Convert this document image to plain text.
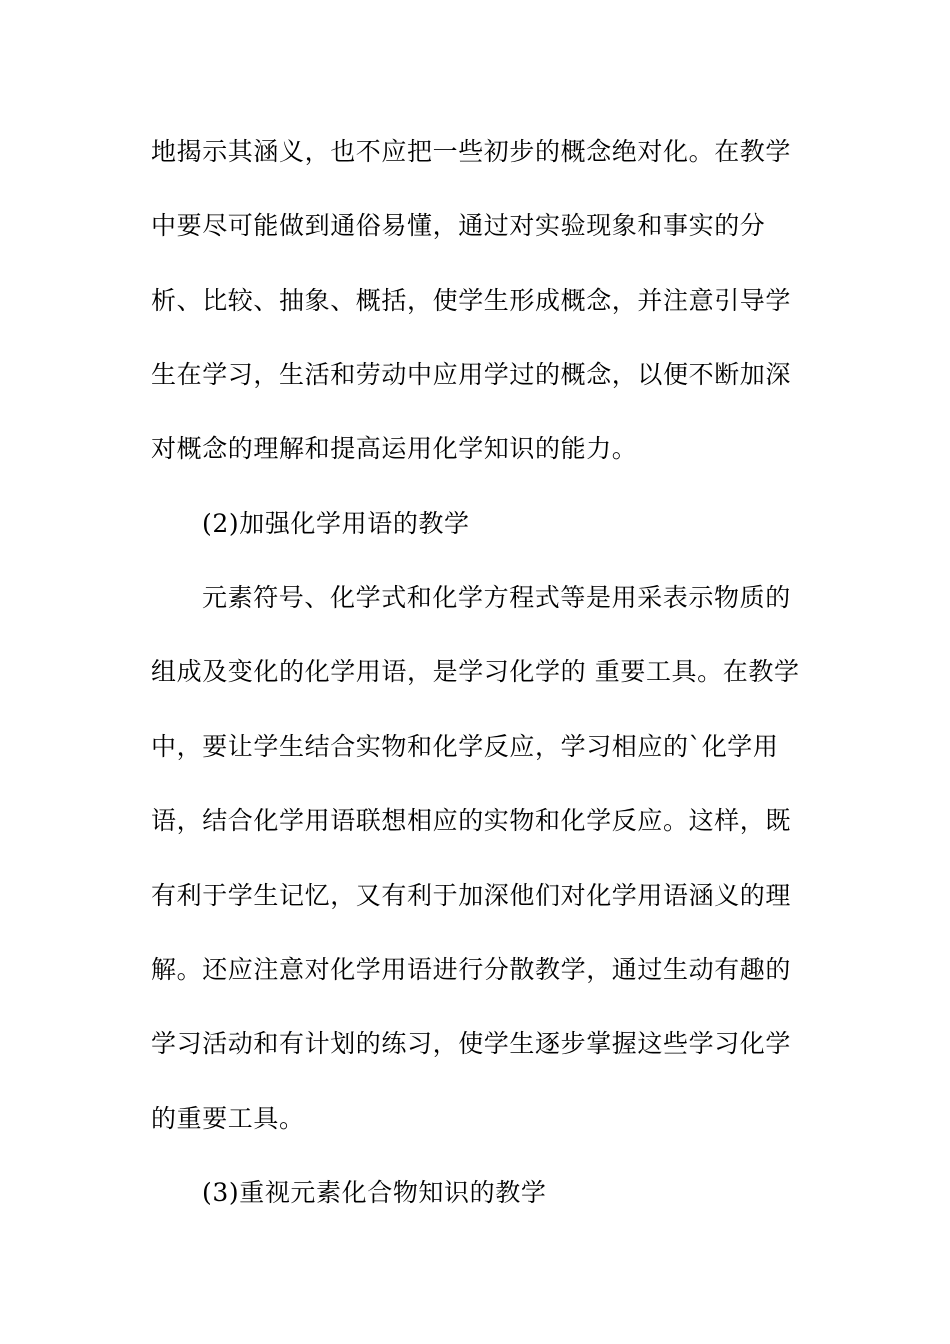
地揭示其涵义，也不应把一些初步的概念绝对化。在教学
中要尽可能做到通俗易懂，通过对实验现象和事实的分
析、比较、抽象、概括，使学生形成概念，并注意引导学
生在学习，生活和劳动中应用学过的概念，以便不断加深
对概念的理解和提高运用化学知识的能力。
(2)加强化学用语的教学
元素符号、化学式和化学方程式等是用采表示物质的
组成及变化的化学用语，是学习化学的 重要工具。在教学
中，要让学生结合实物和化学反应，学习相应的`化学用
语，结合化学用语联想相应的实物和化学反应。这样，既
有利于学生记忆，又有利于加深他们对化学用语涵义的理
解。还应注意对化学用语进行分散教学，通过生动有趣的
学习活动和有计划的练习，使学生逐步掌握这些学习化学
的重要工具。
(3)重视元素化合物知识的教学
